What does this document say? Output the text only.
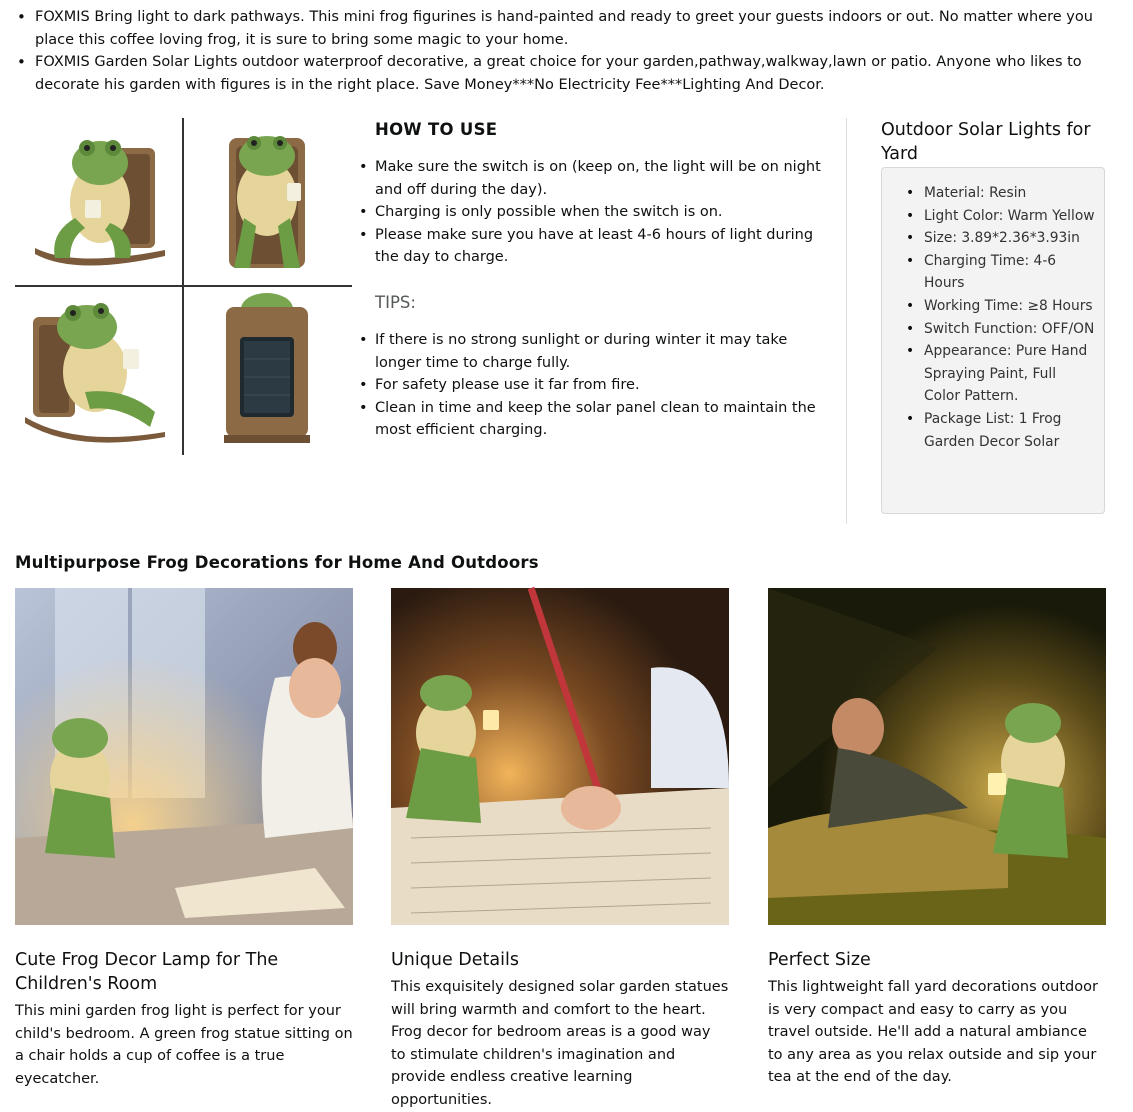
• FOXMIS Bring light to dark pathways. This mini frog figurines is hand-painted and ready to greet your guests indoors or out. No matter where you place this coffee loving frog, it is sure to bring some magic to your home.
• FOXMIS Garden Solar Lights outdoor waterproof decorative, a great choice for your garden,pathway,walkway,lawn or patio. Anyone who likes to decorate his garden with figures is in the right place. Save Money***No Electricity Fee***Lighting And Decor.
HOW TO USE
• Make sure the switch is on (keep on, the light will be on night and off during the day).
• Charging is only possible when the switch is on.
• Please make sure you have at least 4-6 hours of light during the day to charge.
TIPS:
• If there is no strong sunlight or during winter it may take longer time to charge fully.
• For safety please use it far from fire.
• Clean in time and keep the solar panel clean to maintain the most efficient charging.
Outdoor Solar Lights for Yard
• Material: Resin
• Light Color: Warm Yellow
• Size: 3.89*2.36*3.93in
• Charging Time: 4-6 Hours
• Working Time: ≥8 Hours
• Switch Function: OFF/ON
• Appearance: Pure Hand Spraying Paint, Full Color Pattern.
• Package List: 1 Frog Garden Decor Solar
Multipurpose Frog Decorations for Home And Outdoors
Cute Frog Decor Lamp for The Children's Room

This mini garden frog light is perfect for your child's bedroom. A green frog statue sitting on a chair holds a cup of coffee is a true eyecatcher.

Unique Details

This exquisitely designed solar garden statues will bring warmth and comfort to the heart. Frog decor for bedroom areas is a good way to stimulate children's imagination and provide endless creative learning opportunities.

Perfect Size

This lightweight fall yard decorations outdoor is very compact and easy to carry as you travel outside. He'll add a natural ambiance to any area as you relax outside and sip your tea at the end of the day.
